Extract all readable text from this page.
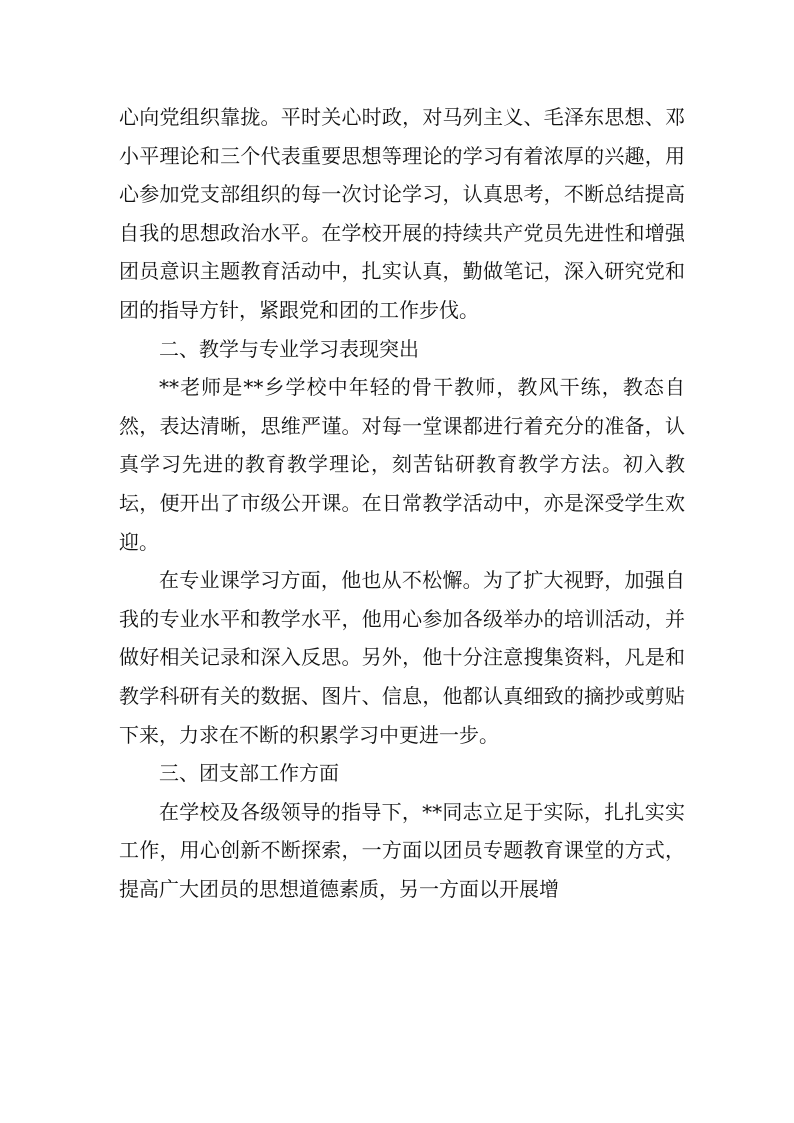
心向党组织靠拢。平时关心时政，对马列主义、毛泽东思想、邓小平理论和三个代表重要思想等理论的学习有着浓厚的兴趣，用心参加党支部组织的每一次讨论学习，认真思考，不断总结提高自我的思想政治水平。在学校开展的持续共产党员先进性和增强团员意识主题教育活动中，扎实认真，勤做笔记，深入研究党和团的指导方针，紧跟党和团的工作步伐。

二、教学与专业学习表现突出

**老师是**乡学校中年轻的骨干教师，教风干练，教态自然，表达清晰，思维严谨。对每一堂课都进行着充分的准备，认真学习先进的教育教学理论，刻苦钻研教育教学方法。初入教坛，便开出了市级公开课。在日常教学活动中，亦是深受学生欢迎。

在专业课学习方面，他也从不松懈。为了扩大视野，加强自我的专业水平和教学水平，他用心参加各级举办的培训活动，并做好相关记录和深入反思。另外，他十分注意搜集资料，凡是和教学科研有关的数据、图片、信息，他都认真细致的摘抄或剪贴下来，力求在不断的积累学习中更进一步。

三、团支部工作方面

在学校及各级领导的指导下，**同志立足于实际，扎扎实实工作，用心创新不断探索，一方面以团员专题教育课堂的方式，提高广大团员的思想道德素质，另一方面以开展增
